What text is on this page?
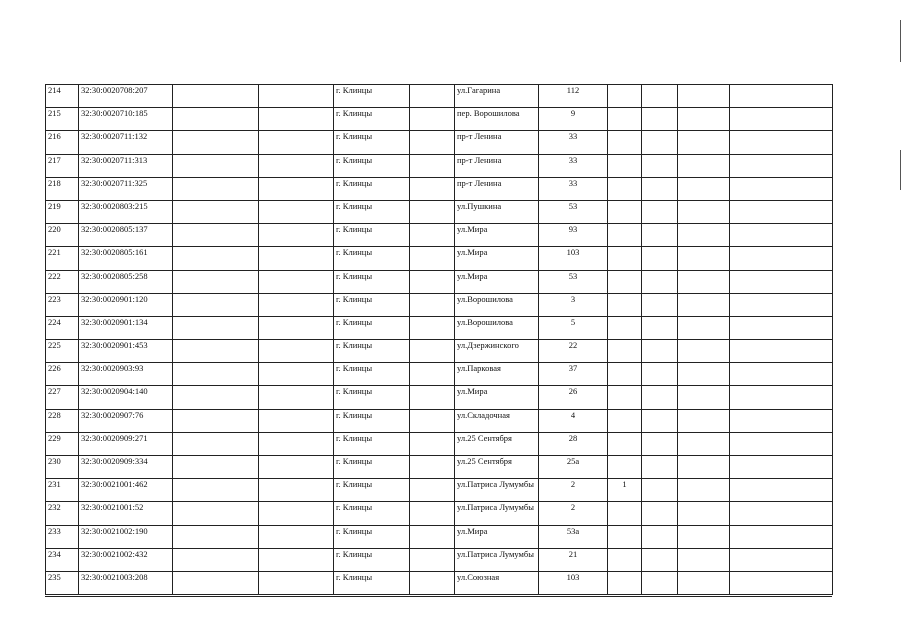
214	32:30:0020708:207			г. Клинцы		ул.Гагарина	112				
215	32:30:0020710:185			г. Клинцы		пер. Ворошилова	9				
216	32:30:0020711:132			г. Клинцы		пр-т Ленина	33				
217	32:30:0020711:313			г. Клинцы		пр-т Ленина	33				
218	32:30:0020711:325			г. Клинцы		пр-т Ленина	33				
219	32:30:0020803:215			г. Клинцы		ул.Пушкина	53				
220	32:30:0020805:137			г. Клинцы		ул.Мира	93				
221	32:30:0020805:161			г. Клинцы		ул.Мира	103				
222	32:30:0020805:258			г. Клинцы		ул.Мира	53				
223	32:30:0020901:120			г. Клинцы		ул.Ворошилова	3				
224	32:30:0020901:134			г. Клинцы		ул.Ворошилова	5				
225	32:30:0020901:453			г. Клинцы		ул.Дзержинского	22				
226	32:30:0020903:93			г. Клинцы		ул.Парковая	37				
227	32:30:0020904:140			г. Клинцы		ул.Мира	26				
228	32:30:0020907:76			г. Клинцы		ул.Складочная	4				
229	32:30:0020909:271			г. Клинцы		ул.25 Сентября	28				
230	32:30:0020909:334			г. Клинцы		ул.25 Сентября	25а				
231	32:30:0021001:462			г. Клинцы		ул.Патриса Лумумбы	2	1			
232	32:30:0021001:52			г. Клинцы		ул.Патриса Лумумбы	2				
233	32:30:0021002:190			г. Клинцы		ул.Мира	53а				
234	32:30:0021002:432			г. Клинцы		ул.Патриса Лумумбы	21				
235	32:30:0021003:208			г. Клинцы		ул.Союзная	103				
